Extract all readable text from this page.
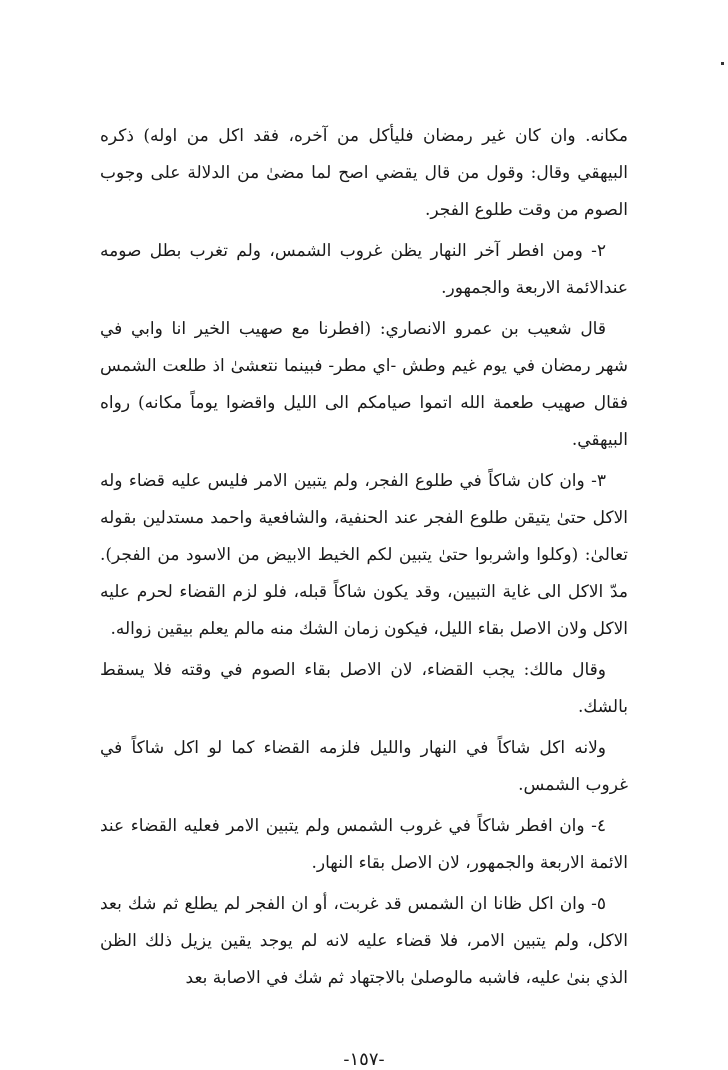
مكانه. وان كان غير رمضان فليأكل من آخره، فقد اكل من اوله) ذكره البيهقي وقال: وقول من قال يقضي اصح لما مضىٰ من الدلالة على وجوب الصوم من وقت طلوع الفجر.

٢- ومن افطر آخر النهار يظن غروب الشمس، ولم تغرب بطل صومه عندالائمة الاربعة والجمهور.

قال شعيب بن عمرو الانصاري: (افطرنا مع صهيب الخير انا وابي في شهر رمضان في يوم غيم وطش -اي مطر- فبينما نتعشىٰ اذ طلعت الشمس فقال صهيب طعمة الله اتموا صيامكم الى الليل واقضوا يوماً مكانه) رواه البيهقي.

٣- وان كان شاكاً في طلوع الفجر، ولم يتبين الامر فليس عليه قضاء وله الاكل حتىٰ يتيقن طلوع الفجر عند الحنفية، والشافعية واحمد مستدلين بقوله تعالىٰ: (وكلوا واشربوا حتىٰ يتبين لكم الخيط الابيض من الاسود من الفجر). مدّ الاكل الى غاية التبيين، وقد يكون شاكاً قبله، فلو لزم القضاء لحرم عليه الاكل ولان الاصل بقاء الليل، فيكون زمان الشك منه مالم يعلم بيقين زواله.

وقال مالك: يجب القضاء، لان الاصل بقاء الصوم في وقته فلا يسقط بالشك.

ولانه اكل شاكاً في النهار والليل فلزمه القضاء كما لو اكل شاكاً في غروب الشمس.

٤- وان افطر شاكاً في غروب الشمس ولم يتبين الامر فعليه القضاء عند الائمة الاربعة والجمهور، لان الاصل بقاء النهار.

٥- وان اكل ظانا ان الشمس قد غربت، أو ان الفجر لم يطلع ثم شك بعد الاكل، ولم يتبين الامر، فلا قضاء عليه لانه لم يوجد يقين يزيل ذلك الظن الذي بنىٰ عليه، فاشبه مالوصلىٰ بالاجتهاد ثم شك في الاصابة بعد

-١٥٧-
